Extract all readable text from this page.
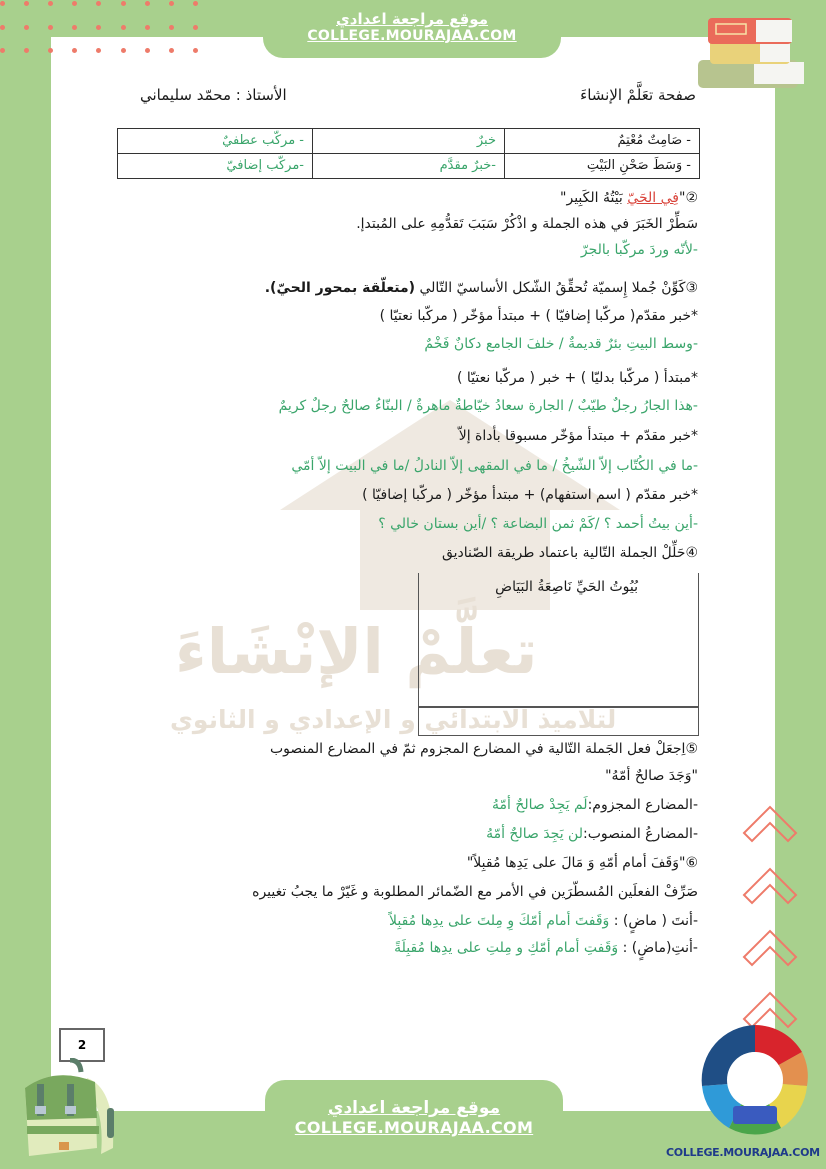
موقع مراجعة اعدادي
COLLEGE.MOURAJAA.COM
صفحة تعَلَّمْ الإنشاءَ
الأستاذ : محمّد سليماني
- صَامِتٌ مُعْتِمٌ	خبرٌ	- مركّب عطفيٌ
- وَسَطَ صَحْنِ البَيْتِ	-خبرٌ مقدَّم	-مركّب إضافيّ
②"فِي الحَيّ بَيْتُهُ الكَبِير"
سَطِّرْ الخَبَرَ في هذه الجملة و اذْكُرْ سَبَبَ تَقدُّمِهِ على المُبتدإ.
-لأنّه وردَ مركّبا بالجرّ
③كَوِّنْ جُملا إِسميّة تُحقِّقُ الشّكل الأساسيّ التّالي (متعلّقة بمحور الحيّ).
*خبر مقدّم( مركّبا إضافيّا ) + مبتدأ مؤخّر ( مركّبا نعتيّا )
-وسط البيتِ بئرٌ قديمةٌ / خلفَ الجامع دكانٌ فَخْمٌ
*مبتدأ ( مركّبا بدليّا ) + خبر ( مركّبا نعتيّا )
-هذا الجارُ رجلٌ طيّبٌ / الجارة سعادُ خيّاطةٌ ماهرةٌ / البنّاءُ صالحٌ رجلٌ كريمٌ
*خبر مقدّم + مبتدأ مؤخّر مسبوقا بأداة إلاّ
-ما في الكُتّاب إلاّ الشّيخُ / ما في المقهى إلاّ النادلُ /ما في البيت إلاّ أمّي
*خبر مقدّم ( اسم استفهام) + مبتدأ مؤخّر ( مركّبا إضافيّا )
-أين بيتُ أحمد ؟ /كَمْ ثمن البضاعة ؟ /أين بستان خالي ؟
④حَلِّلْ الجملة التّالية باعتماد طريقة الصّناديق
تعلَّمْ الإنْشَاءَ
لتلاميذ الابتدائي و الإعدادي و الثانوي
بُيُوتُ الحَيِّ نَاصِعَةُ البَيَاضِ
⑤اِجعَلْ فعل الجَملة التّالية في المضارع المجزوم ثمّ في المضارع المنصوب
"وَجَدَ صالحٌ أمّهُ"
-المضارع المجزوم:لَم يَجِدْ صالحٌ أمّهُ
-المضارعُ المنصوب:لن يَجِدَ صالحٌ أمّهُ
⑥"وَقَفَ أمام أمّهِ وَ مَالَ على يَدِها مُقبِلاً"
صَرِّفْ الفعلَين المُسطّرَين في الأمر مع الضّمائر المطلوبة و غَيّرْ ما يجبُ تغييره
-أنتَ ( ماضٍ) : وَقَفتَ أمام أمّكَ وِ مِلتَ على يدِها مُقبِلاً
-أنتِ(ماضٍ) : وَقَفتِ أمام أمّكِ و مِلتِ على يدِها مُقبِلَةً
2
موقع مراجعة اعدادي
COLLEGE.MOURAJAA.COM
COLLEGE.MOURAJAA.COM
